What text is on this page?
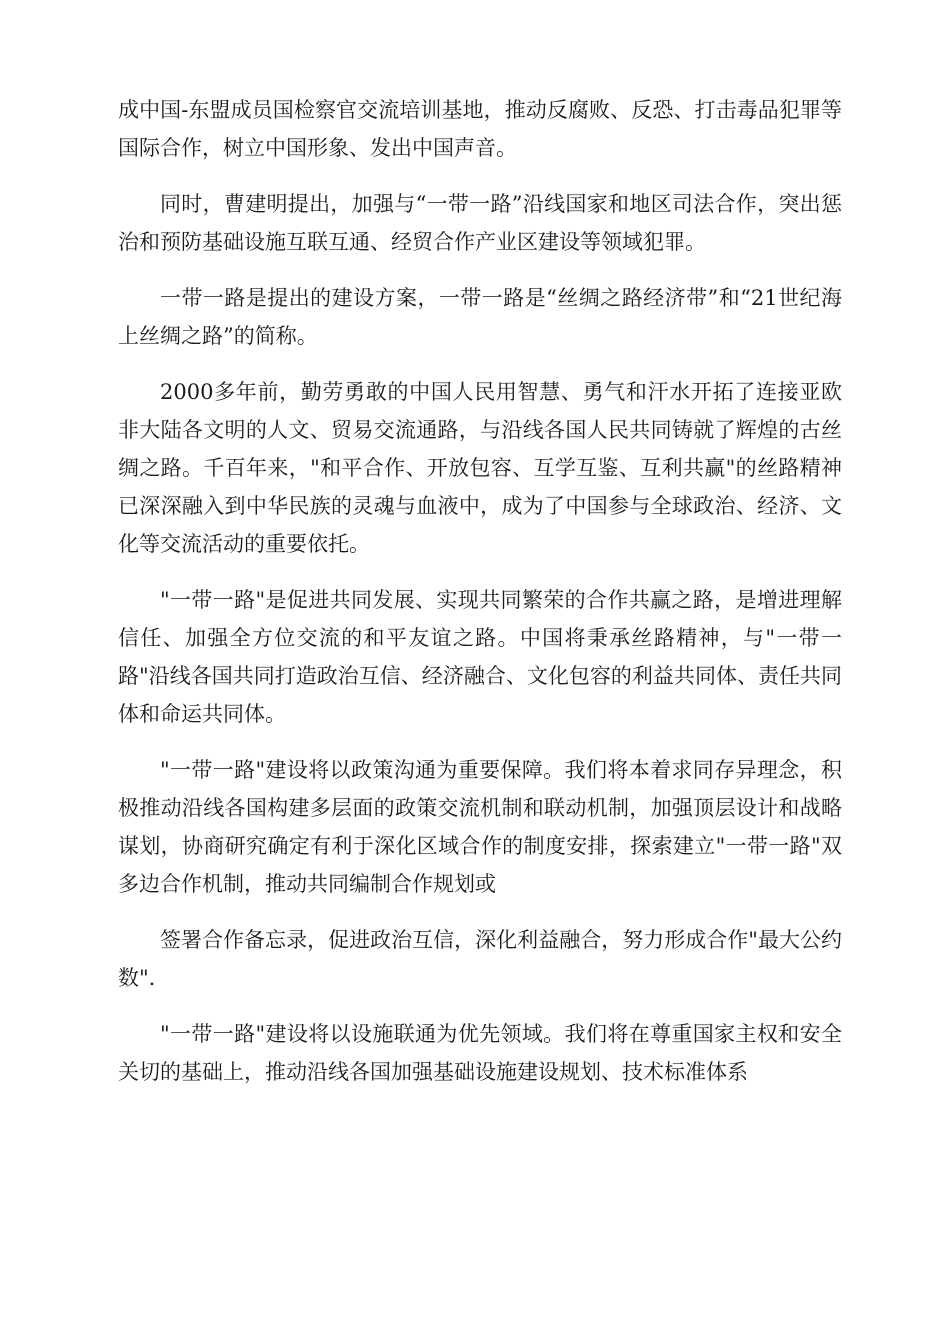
成中国-东盟成员国检察官交流培训基地，推动反腐败、反恐、打击毒品犯罪等国际合作，树立中国形象、发出中国声音。

同时，曹建明提出，加强与“一带一路”沿线国家和地区司法合作，突出惩治和预防基础设施互联互通、经贸合作产业区建设等领域犯罪。

一带一路是提出的建设方案，一带一路是“丝绸之路经济带”和“21世纪海上丝绸之路”的简称。

2000多年前，勤劳勇敢的中国人民用智慧、勇气和汗水开拓了连接亚欧非大陆各文明的人文、贸易交流通路，与沿线各国人民共同铸就了辉煌的古丝绸之路。千百年来，"和平合作、开放包容、互学互鉴、互利共赢"的丝路精神已深深融入到中华民族的灵魂与血液中，成为了中国参与全球政治、经济、文化等交流活动的重要依托。

"一带一路"是促进共同发展、实现共同繁荣的合作共赢之路，是增进理解信任、加强全方位交流的和平友谊之路。中国将秉承丝路精神，与"一带一路"沿线各国共同打造政治互信、经济融合、文化包容的利益共同体、责任共同体和命运共同体。

"一带一路"建设将以政策沟通为重要保障。我们将本着求同存异理念，积极推动沿线各国构建多层面的政策交流机制和联动机制，加强顶层设计和战略谋划，协商研究确定有利于深化区域合作的制度安排，探索建立"一带一路"双多边合作机制，推动共同编制合作规划或

签署合作备忘录，促进政治互信，深化利益融合，努力形成合作"最大公约数".

"一带一路"建设将以设施联通为优先领域。我们将在尊重国家主权和安全关切的基础上，推动沿线各国加强基础设施建设规划、技术标准体系
